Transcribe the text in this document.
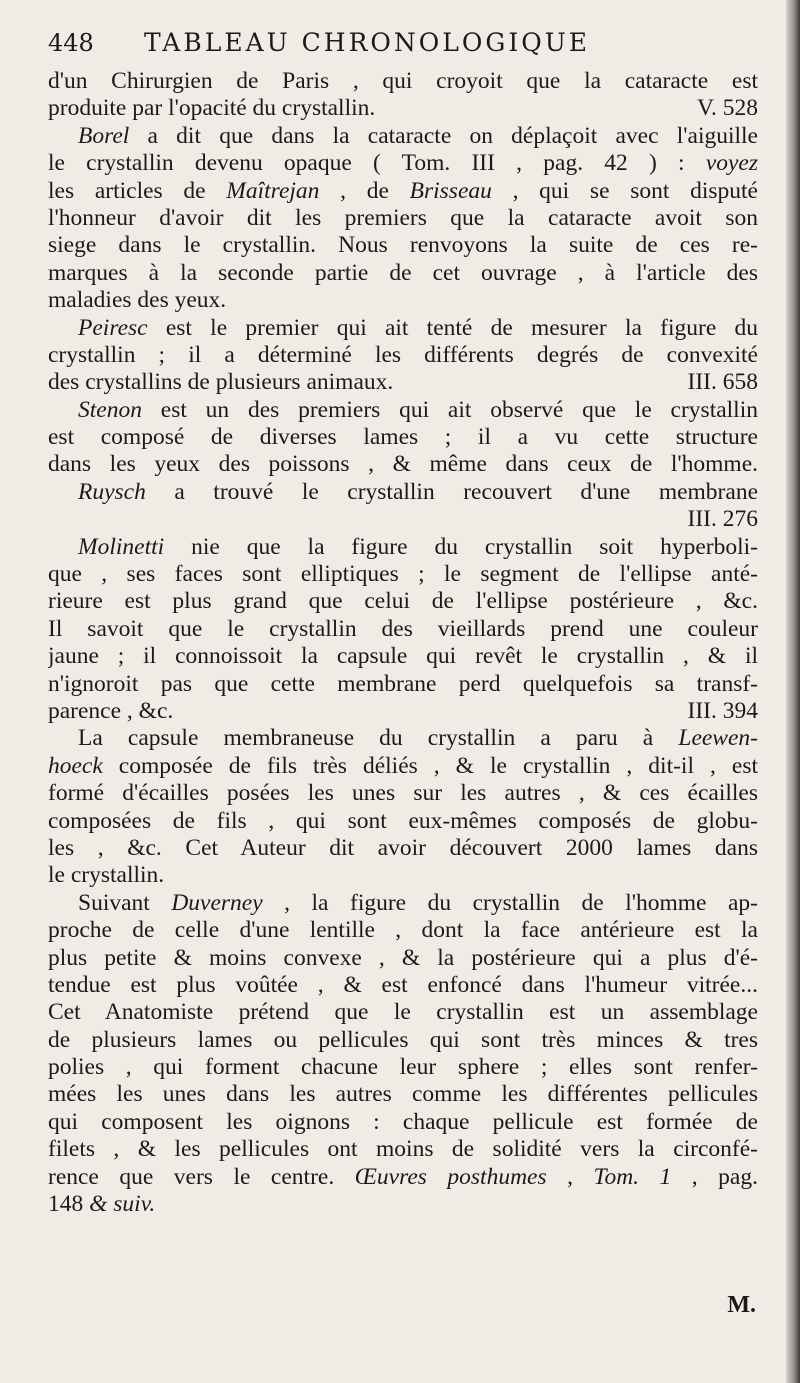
448	TABLEAU CHRONOLOGIQUE
d'un Chirurgien de Paris , qui croyoit que la cataracte est
produite par l'opacité du crystallin.	V. 528
Borel a dit que dans la cataracte on déplaçoit avec l'aiguille
le crystallin devenu opaque ( Tom. III , pag. 42 ) : voyez
les articles de Maîtrejan , de Brisseau , qui se sont disputé
l'honneur d'avoir dit les premiers que la cataracte avoit son
siege dans le crystallin. Nous renvoyons la suite de ces re-
marques à la seconde partie de cet ouvrage , à l'article des
maladies des yeux.
Peiresc est le premier qui ait tenté de mesurer la figure du
crystallin ; il a déterminé les différents degrés de convexité
des crystallins de plusieurs animaux.	III. 658
Stenon est un des premiers qui ait observé que le crystallin
est composé de diverses lames ; il a vu cette structure
dans les yeux des poissons , & même dans ceux de l'homme.
Ruysch a trouvé le crystallin recouvert d'une membrane
III. 276
Molinetti nie que la figure du crystallin soit hyperboli-
que , ses faces sont elliptiques ; le segment de l'ellipse anté-
rieure est plus grand que celui de l'ellipse postérieure , &c.
Il savoit que le crystallin des vieillards prend une couleur
jaune ; il connoissoit la capsule qui revêt le crystallin , & il
n'ignoroit pas que cette membrane perd quelquefois sa transf-
parence , &c.	III. 394
La capsule membraneuse du crystallin a paru à Leewen-
hoeck composée de fils très déliés , & le crystallin , dit-il , est
formé d'écailles posées les unes sur les autres , & ces écailles
composées de fils , qui sont eux-mêmes composés de globu-
les , &c. Cet Auteur dit avoir découvert 2000 lames dans
le crystallin.
Suivant Duverney , la figure du crystallin de l'homme ap-
proche de celle d'une lentille , dont la face antérieure est la
plus petite & moins convexe , & la postérieure qui a plus d'é-
tendue est plus voûtée , & est enfoncé dans l'humeur vitrée...
Cet Anatomiste prétend que le crystallin est un assemblage
de plusieurs lames ou pellicules qui sont très minces & tres
polies , qui forment chacune leur sphere ; elles sont renfer-
mées les unes dans les autres comme les différentes pellicules
qui composent les oignons : chaque pellicule est formée de
filets , & les pellicules ont moins de solidité vers la circonfé-
rence que vers le centre. Œuvres posthumes , Tom. 1 , pag.
148 & suiv.
M.
